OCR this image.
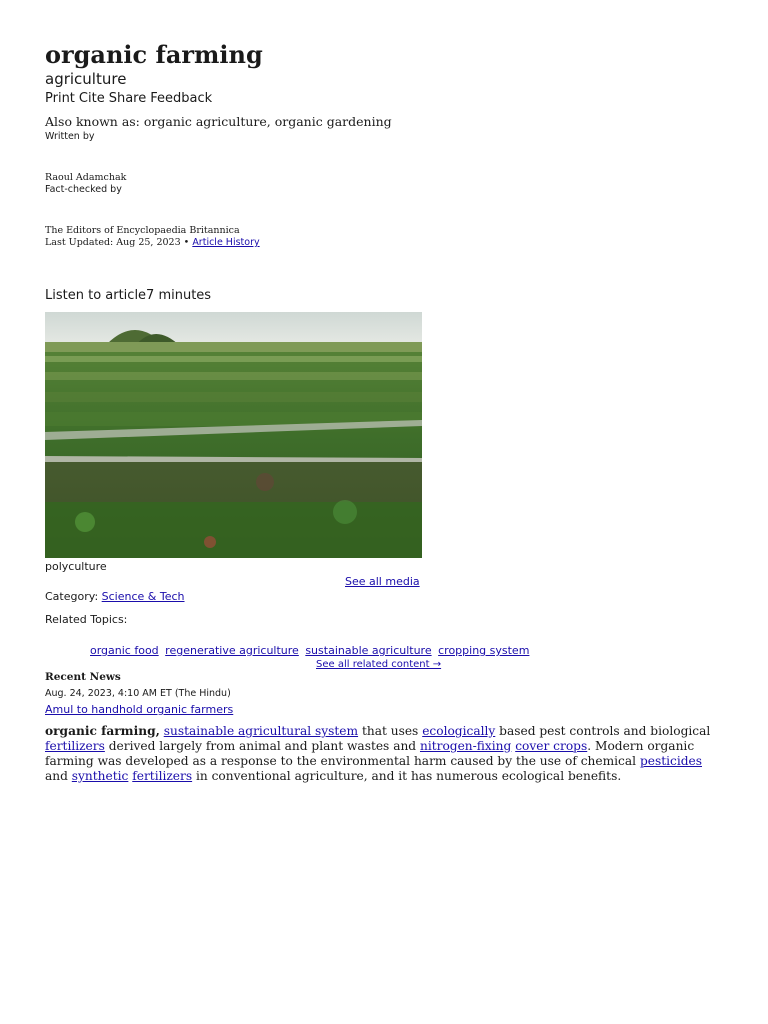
organic farming
agriculture
Print Cite Share Feedback
Also known as: organic agriculture, organic gardening
Written by
Raoul Adamchak
Fact-checked by
The Editors of Encyclopaedia Britannica
Last Updated: Aug 25, 2023 • Article History
Listen to article7 minutes
polyculture
See all media
Category: Science & Tech
Related Topics:
organic food regenerative agriculture sustainable agriculture cropping system
See all related content →
Recent News
Aug. 24, 2023, 4:10 AM ET (The Hindu)
Amul to handhold organic farmers
organic farming, sustainable agricultural system that uses ecologically based pest controls and biological fertilizers derived largely from animal and plant wastes and nitrogen-fixing cover crops. Modern organic farming was developed as a response to the environmental harm caused by the use of chemical pesticides and synthetic fertilizers in conventional agriculture, and it has numerous ecological benefits.
